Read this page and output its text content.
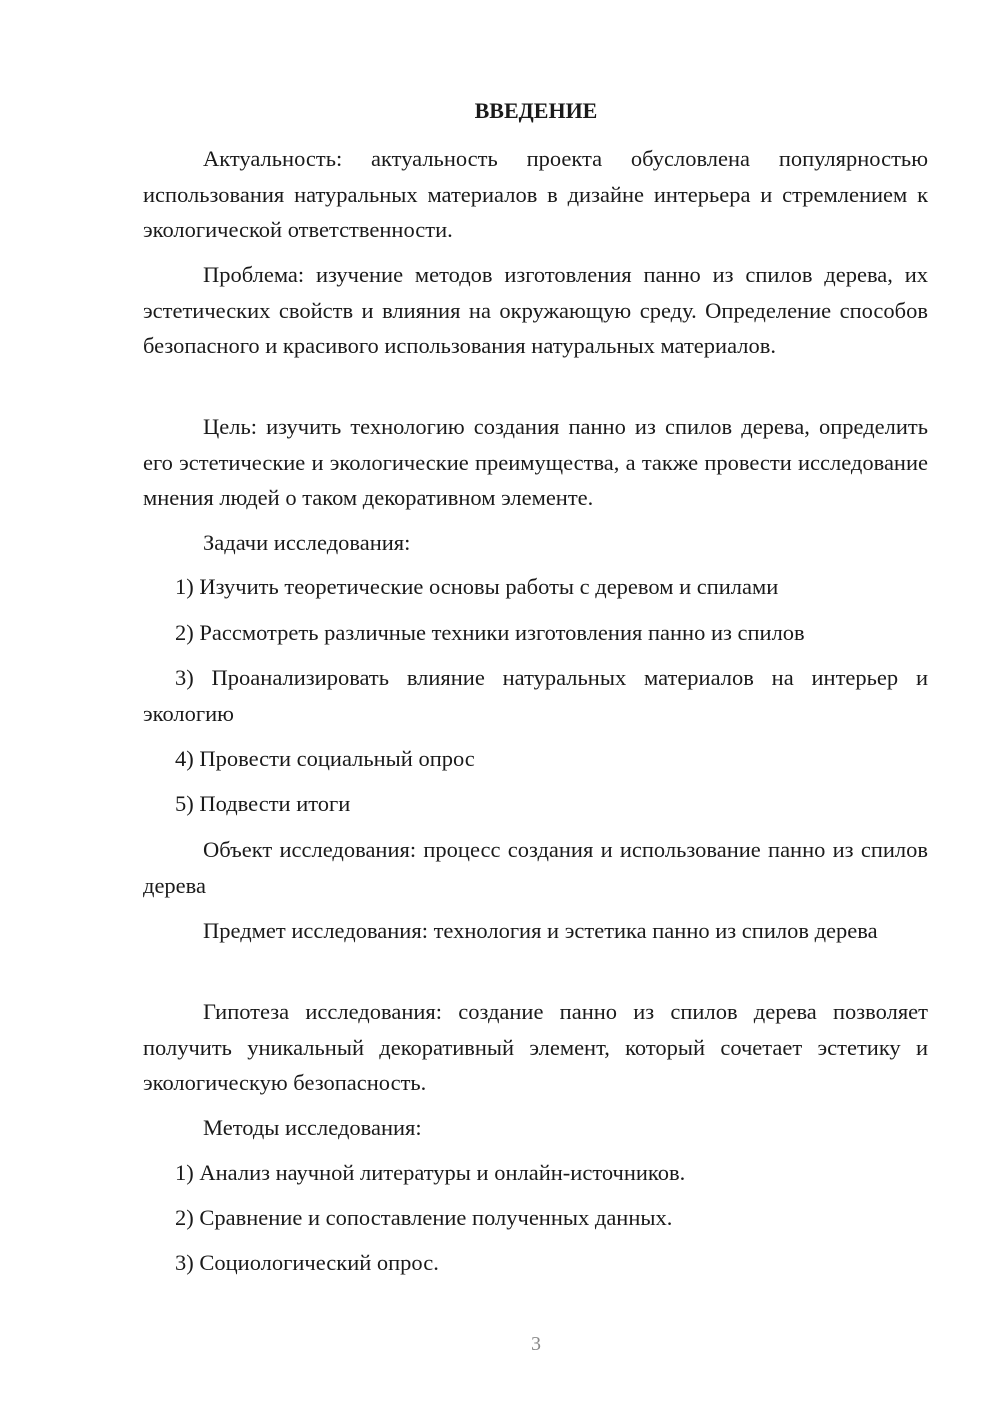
ВВЕДЕНИЕ

Актуальность: актуальность проекта обусловлена популярностью использования натуральных материалов в дизайне интерьера и стремлением к экологической ответственности.

Проблема: изучение методов изготовления панно из спилов дерева, их эстетических свойств и влияния на окружающую среду. Определение способов безопасного и красивого использования натуральных материалов.

Цель: изучить технологию создания панно из спилов дерева, определить его эстетические и экологические преимущества, а также провести исследование мнения людей о таком декоративном элементе.

Задачи исследования:

1) Изучить теоретические основы работы с деревом и спилами

2) Рассмотреть различные техники изготовления панно из спилов

3) Проанализировать влияние натуральных материалов на интерьер и экологию

4) Провести социальный опрос

5) Подвести итоги

Объект исследования: процесс создания и использование панно из спилов дерева

Предмет исследования: технология и эстетика панно из спилов дерева

Гипотеза исследования: создание панно из спилов дерева позволяет получить уникальный декоративный элемент, который сочетает эстетику и экологическую безопасность.

Методы исследования:

1) Анализ научной литературы и онлайн-источников.

2) Сравнение и сопоставление полученных данных.

3) Социологический опрос.

3
